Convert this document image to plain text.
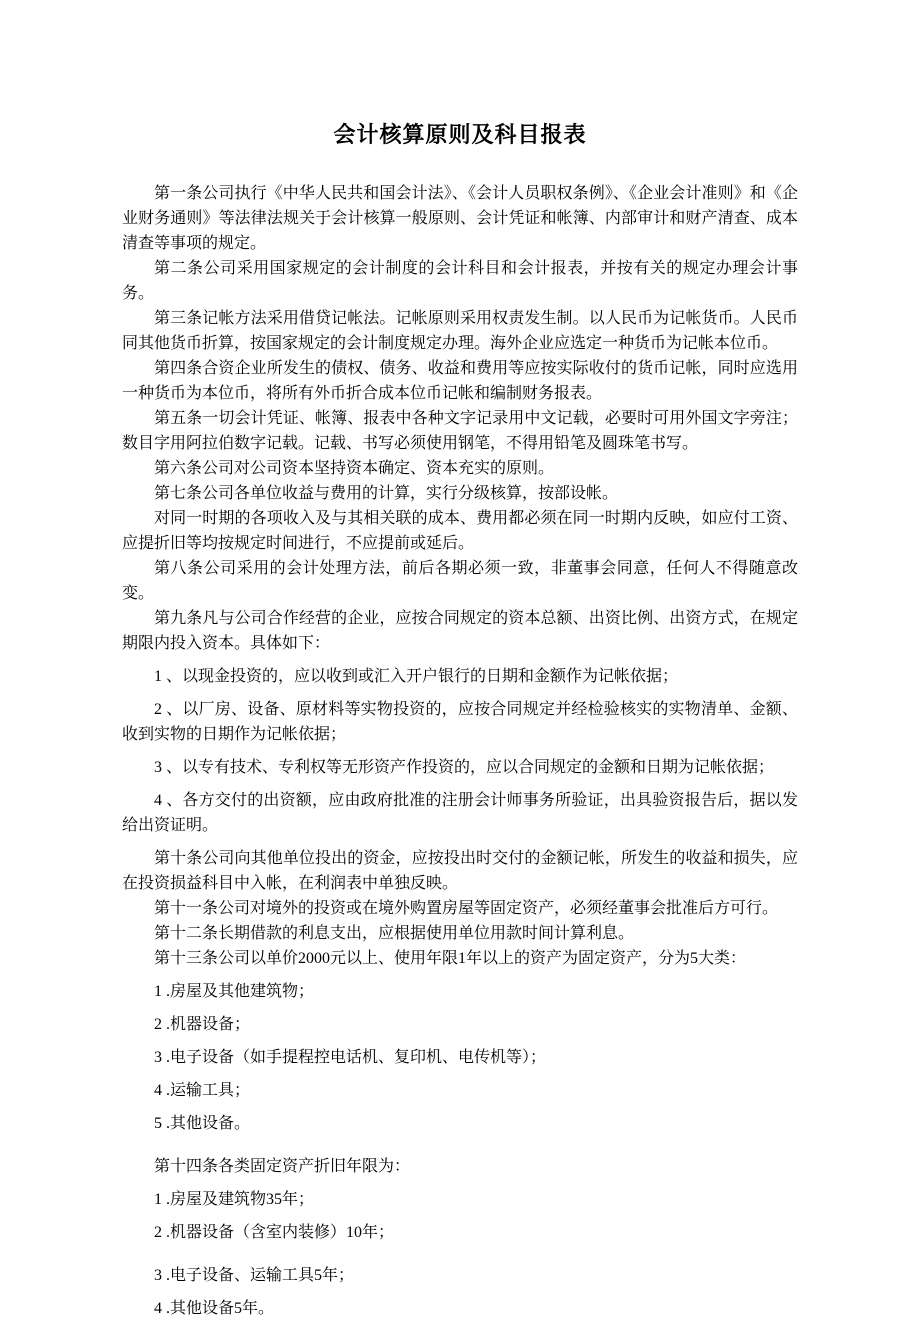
会计核算原则及科目报表

第一条公司执行《中华人民共和国会计法》、《会计人员职权条例》、《企业会计准则》和《企业财务通则》等法律法规关于会计核算一般原则、会计凭证和帐簿、内部审计和财产清查、成本清查等事项的规定。

第二条公司采用国家规定的会计制度的会计科目和会计报表，并按有关的规定办理会计事务。

第三条记帐方法采用借贷记帐法。记帐原则采用权责发生制。以人民币为记帐货币。人民币同其他货币折算，按国家规定的会计制度规定办理。海外企业应选定一种货币为记帐本位币。

第四条合资企业所发生的债权、债务、收益和费用等应按实际收付的货币记帐，同时应选用一种货币为本位币，将所有外币折合成本位币记帐和编制财务报表。

第五条一切会计凭证、帐簿、报表中各种文字记录用中文记载，必要时可用外国文字旁注；数目字用阿拉伯数字记载。记载、书写必须使用钢笔，不得用铅笔及圆珠笔书写。

第六条公司对公司资本坚持资本确定、资本充实的原则。

第七条公司各单位收益与费用的计算，实行分级核算，按部设帐。

对同一时期的各项收入及与其相关联的成本、费用都必须在同一时期内反映，如应付工资、应提折旧等均按规定时间进行，不应提前或延后。

第八条公司采用的会计处理方法，前后各期必须一致，非董事会同意，任何人不得随意改变。

第九条凡与公司合作经营的企业，应按合同规定的资本总额、出资比例、出资方式，在规定期限内投入资本。具体如下：

1 、以现金投资的，应以收到或汇入开户银行的日期和金额作为记帐依据；

2 、以厂房、设备、原材料等实物投资的，应按合同规定并经检验核实的实物清单、金额、收到实物的日期作为记帐依据；

3 、以专有技术、专利权等无形资产作投资的，应以合同规定的金额和日期为记帐依据；

4 、各方交付的出资额，应由政府批准的注册会计师事务所验证，出具验资报告后，据以发给出资证明。

第十条公司向其他单位投出的资金，应按投出时交付的金额记帐，所发生的收益和损失，应在投资损益科目中入帐，在利润表中单独反映。

第十一条公司对境外的投资或在境外购置房屋等固定资产，必须经董事会批准后方可行。

第十二条长期借款的利息支出，应根据使用单位用款时间计算利息。

第十三条公司以单价2000元以上、使用年限1年以上的资产为固定资产，分为5大类：

1 .房屋及其他建筑物；

2 .机器设备；

3 .电子设备（如手提程控电话机、复印机、电传机等）；

4 .运输工具；

5 .其他设备。

第十四条各类固定资产折旧年限为：

1 .房屋及建筑物35年；

2 .机器设备（含室内装修）10年；

3 .电子设备、运输工具5年；

4 .其他设备5年。
